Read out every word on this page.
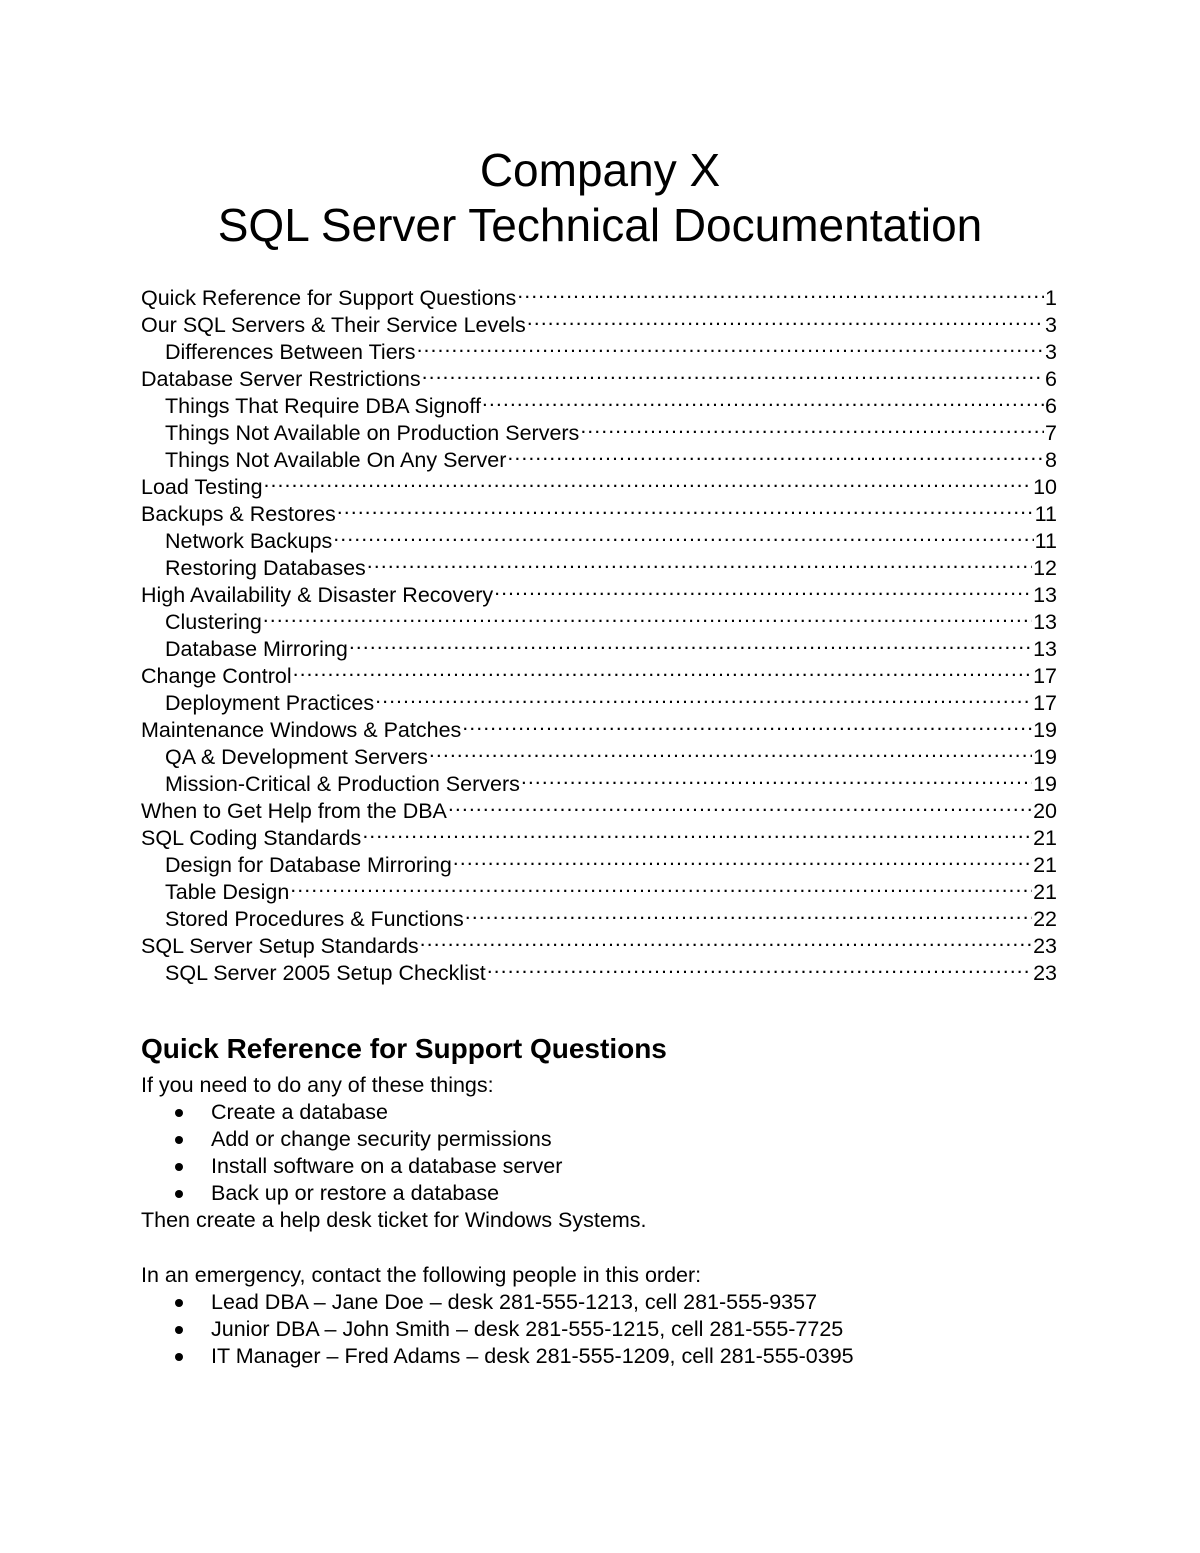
Company X
SQL Server Technical Documentation
Quick Reference for Support Questions .....	1
Our SQL Servers & Their Service Levels .....	3
Differences Between Tiers .....	3
Database Server Restrictions .....	6
Things That Require DBA Signoff .....	6
Things Not Available on Production Servers .....	7
Things Not Available On Any Server .....	8
Load Testing .....	10
Backups & Restores .....	11
Network Backups .....	11
Restoring Databases .....	12
High Availability & Disaster Recovery .....	13
Clustering .....	13
Database Mirroring .....	13
Change Control .....	17
Deployment Practices .....	17
Maintenance Windows & Patches .....	19
QA & Development Servers .....	19
Mission-Critical & Production Servers .....	19
When to Get Help from the DBA .....	20
SQL Coding Standards .....	21
Design for Database Mirroring .....	21
Table Design .....	21
Stored Procedures & Functions .....	22
SQL Server Setup Standards .....	23
SQL Server 2005 Setup Checklist .....	23
Quick Reference for Support Questions

If you need to do any of these things:

Create a database
Add or change security permissions
Install software on a database server
Back up or restore a database

Then create a help desk ticket for Windows Systems.

In an emergency, contact the following people in this order:

Lead DBA – Jane Doe – desk 281-555-1213, cell 281-555-9357
Junior DBA – John Smith – desk 281-555-1215, cell 281-555-7725
IT Manager – Fred Adams – desk 281-555-1209, cell 281-555-0395
